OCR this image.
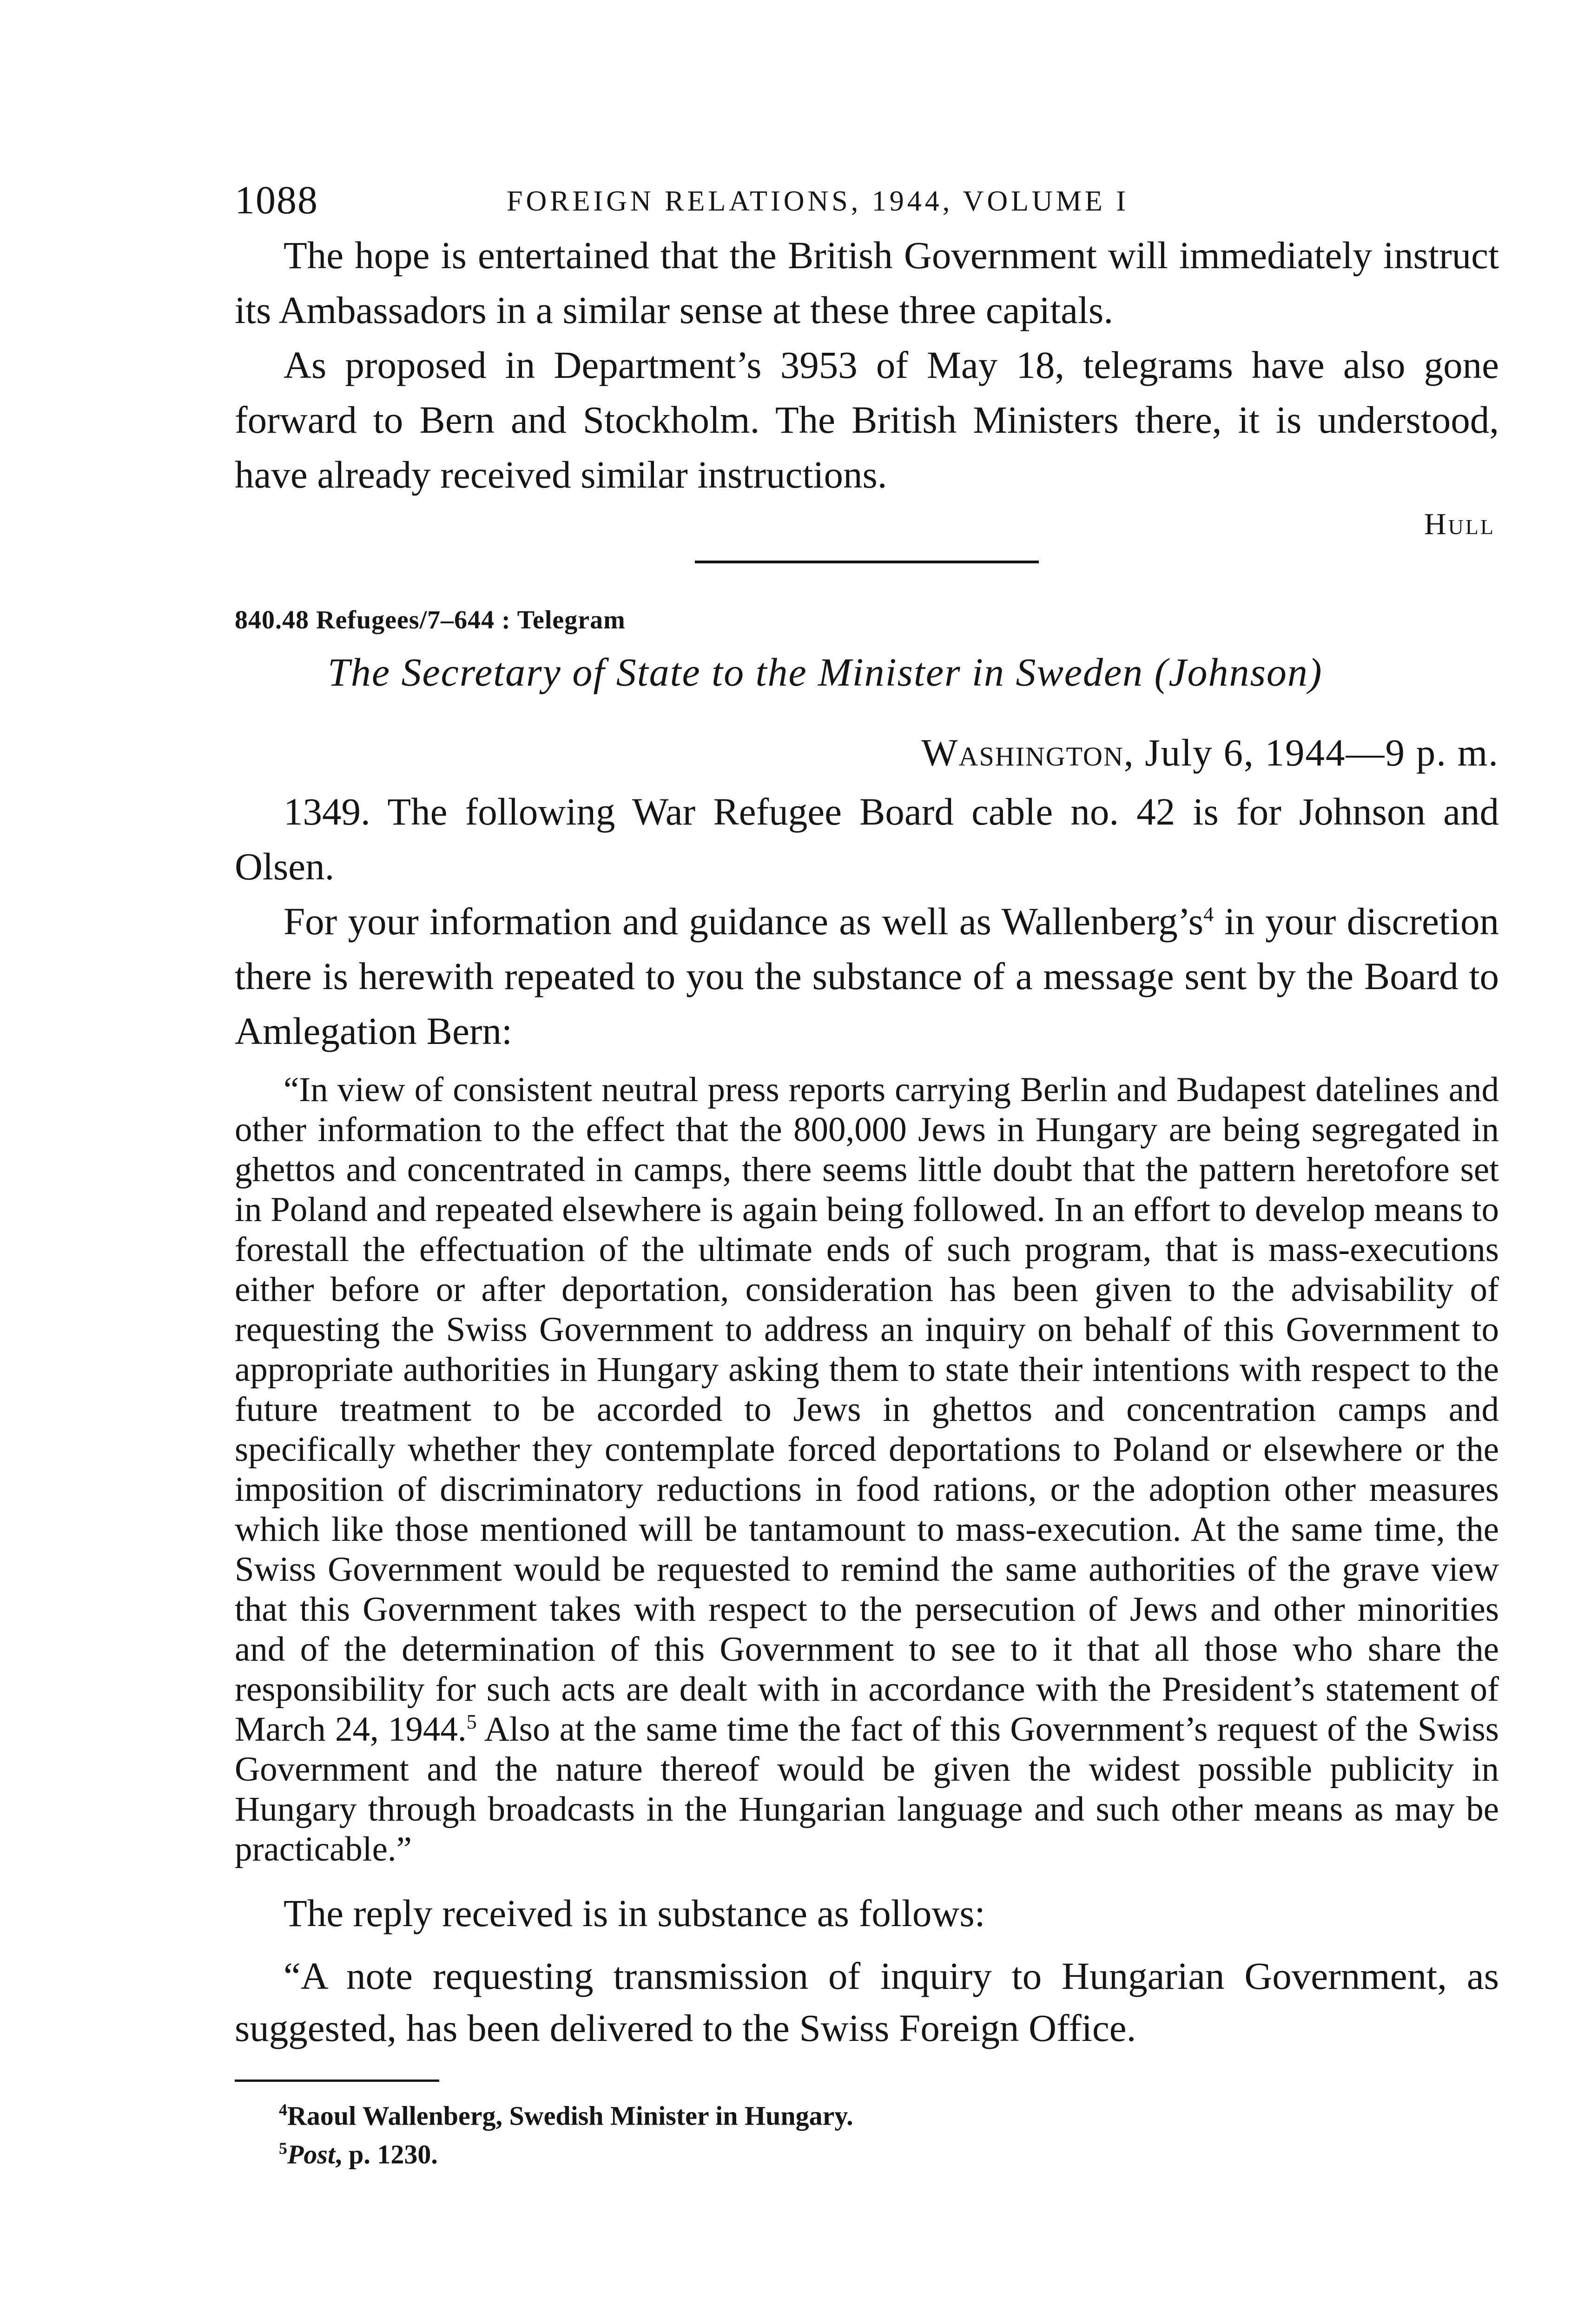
1088	FOREIGN RELATIONS, 1944, VOLUME I

The hope is entertained that the British Government will immediately instruct its Ambassadors in a similar sense at these three capitals.

As proposed in Department’s 3953 of May 18, telegrams have also gone forward to Bern and Stockholm. The British Ministers there, it is understood, have already received similar instructions.

Hull

840.48 Refugees/7–644 : Telegram

The Secretary of State to the Minister in Sweden (Johnson)

Washington, July 6, 1944—9 p. m.

1349. The following War Refugee Board cable no. 42 is for Johnson and Olsen.

For your information and guidance as well as $Wallenberg’s^4$ in your discretion there is herewith repeated to you the substance of a message sent by the Board to Amlegation Bern:

“In view of consistent neutral press reports carrying Berlin and Budapest datelines and other information to the effect that the 800,000 Jews in Hungary are being segregated in ghettos and concentrated in camps, there seems little doubt that the pattern heretofore set in Poland and repeated elsewhere is again being followed. In an effort to develop means to forestall the effectuation of the ultimate ends of such program, that is mass-executions either before or after deportation, consideration has been given to the advisability of requesting the Swiss Government to address an inquiry on behalf of this Government to appropriate authorities in Hungary asking them to state their intentions with respect to the future treatment to be accorded to Jews in ghettos and concentration camps and specifically whether they contemplate forced deportations to Poland or elsewhere or the imposition of discriminatory reductions in food rations, or the adoption other measures which like those mentioned will be tantamount to mass-execution. At the same time, the Swiss Government would be requested to remind the same authorities of the grave view that this Government takes with respect to the persecution of Jews and other minorities and of the determination of this Government to see to it that all those who share the responsibility for such acts are dealt with in accordance with the President’s statement of March 24, 1944.$^5$ Also at the same time the fact of this Government’s request of the Swiss Government and the nature thereof would be given the widest possible publicity in Hungary through broadcasts in the Hungarian language and such other means as may be practicable.”

The reply received is in substance as follows:

“A note requesting transmission of inquiry to Hungarian Government, as suggested, has been delivered to the Swiss Foreign Office.

$^4$Raoul Wallenberg, Swedish Minister in Hungary.

$^5$Post, p. 1230.
